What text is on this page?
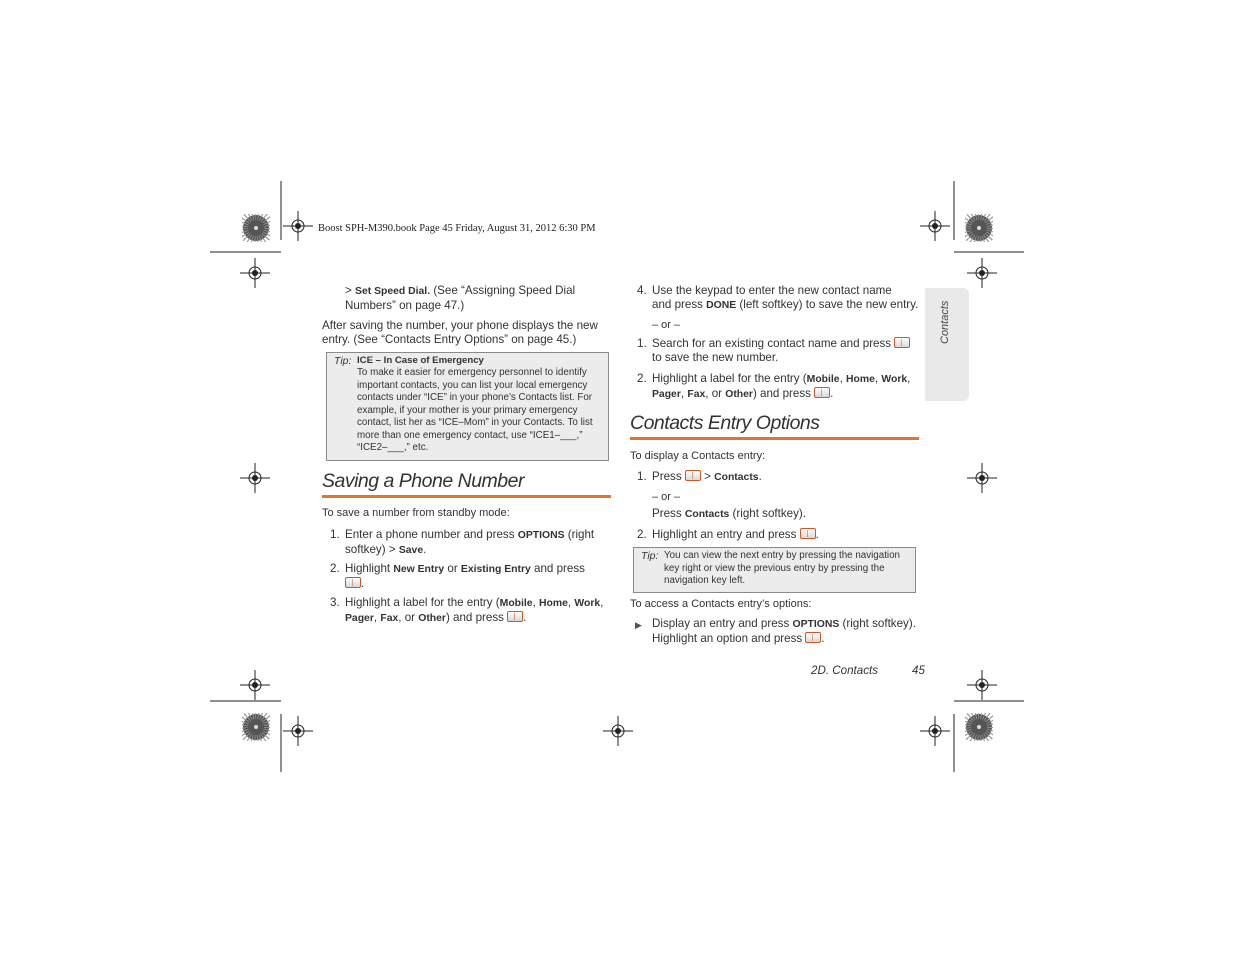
Boost SPH-M390.book Page 45 Friday, August 31, 2012 6:30 PM
Contacts
> Set Speed Dial. (See “Assigning Speed Dial
Numbers” on page 47.)
After saving the number, your phone displays the new
entry. (See “Contacts Entry Options” on page 45.)
Tip: ICE – In Case of Emergency
To make it easier for emergency personnel to identify
important contacts, you can list your local emergency
contacts under “ICE” in your phone’s Contacts list. For
example, if your mother is your primary emergency
contact, list her as “ICE–Mom” in your Contacts. To list
more than one emergency contact, use “ICE1–___,”
“ICE2–___,” etc.
Saving a Phone Number
To save a number from standby mode:
1. Enter a phone number and press OPTIONS (right
softkey) > Save.
2. Highlight New Entry or Existing Entry and press
.
3. Highlight a label for the entry (Mobile, Home, Work,
Pager, Fax, or Other) and press .
4. Use the keypad to enter the new contact name
and press DONE (left softkey) to save the new entry.
– or –
1. Search for an existing contact name and press
to save the new number.
2. Highlight a label for the entry (Mobile, Home, Work,
Pager, Fax, or Other) and press .
Contacts Entry Options
To display a Contacts entry:
1. Press  > Contacts.
– or –
Press Contacts (right softkey).
2. Highlight an entry and press .
Tip: You can view the next entry by pressing the navigation
key right or view the previous entry by pressing the
navigation key left.
To access a Contacts entry’s options:
▶ Display an entry and press OPTIONS (right softkey).
Highlight an option and press .
2D. Contacts	45
